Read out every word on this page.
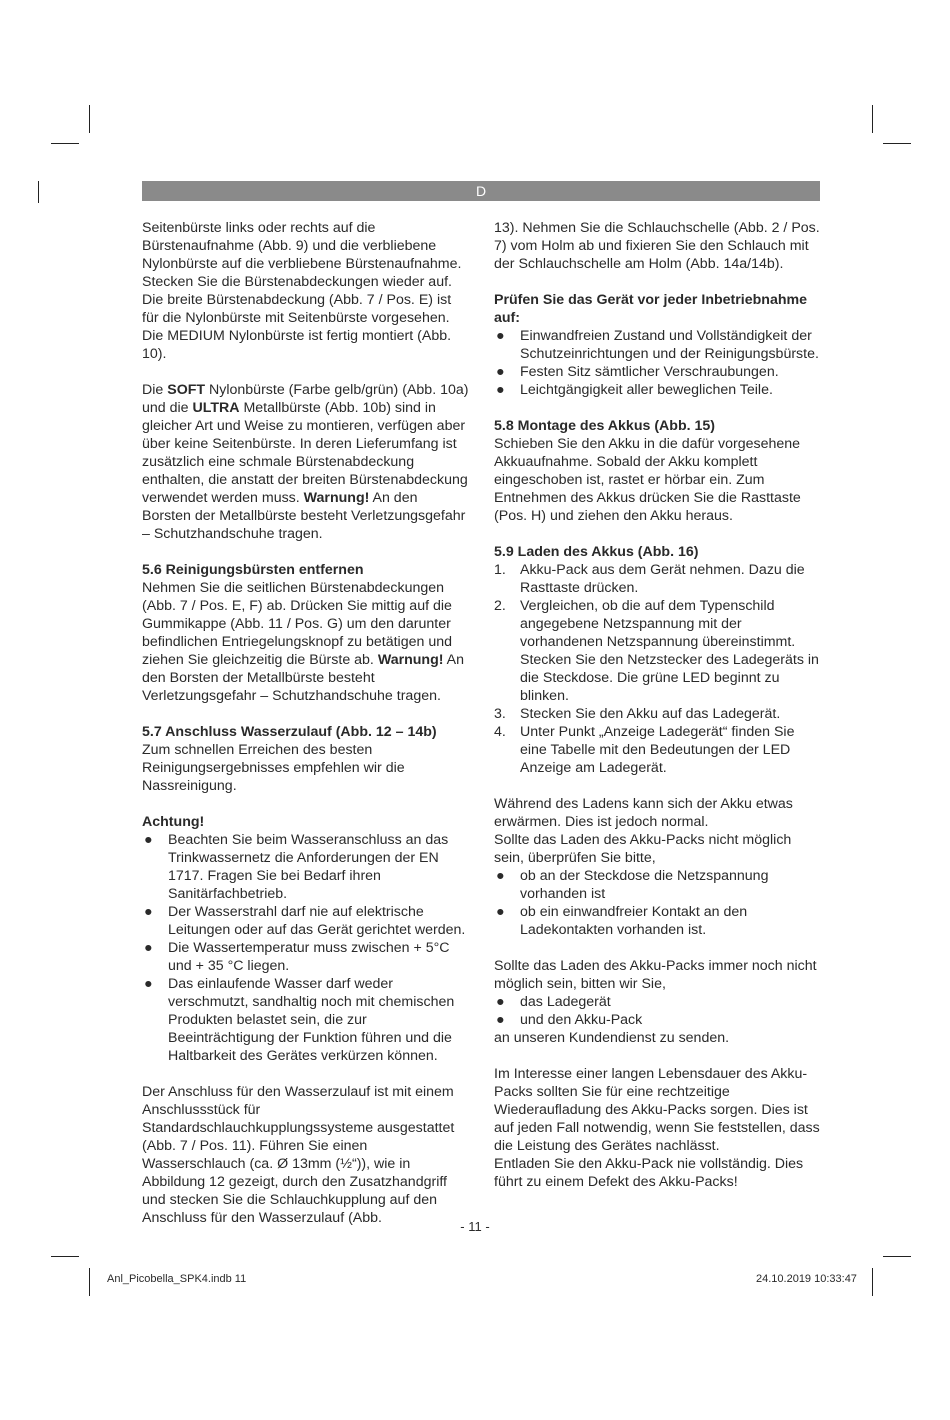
D

Seitenbürste links oder rechts auf die Bürstenaufnahme (Abb. 9) und die verbliebene Nylonbürste auf die verbliebene Bürstenaufnahme. Stecken Sie die Bürstenabdeckungen wieder auf. Die breite Bürstenabdeckung (Abb. 7 / Pos. E) ist für die Nylonbürste mit Seitenbürste vorgesehen. Die MEDIUM Nylonbürste ist fertig montiert (Abb. 10).

Die SOFT Nylonbürste (Farbe gelb/grün) (Abb. 10a) und die ULTRA Metallbürste (Abb. 10b) sind in gleicher Art und Weise zu montieren, verfügen aber über keine Seitenbürste. In deren Lieferumfang ist zusätzlich eine schmale Bürstenabdeckung enthalten, die anstatt der breiten Bürstenabdeckung verwendet werden muss. Warnung! An den Borsten der Metallbürste besteht Verletzungsgefahr – Schutzhandschuhe tragen.

5.6 Reinigungsbürsten entfernen

Nehmen Sie die seitlichen Bürstenabdeckungen (Abb. 7 / Pos. E, F) ab. Drücken Sie mittig auf die Gummikappe (Abb. 11 / Pos. G) um den darunter befindlichen Entriegelungsknopf zu betätigen und ziehen Sie gleichzeitig die Bürste ab. Warnung! An den Borsten der Metallbürste besteht Verletzungsgefahr – Schutzhandschuhe tragen.

5.7 Anschluss Wasserzulauf (Abb. 12 – 14b)

Zum schnellen Erreichen des besten Reinigungsergebnisses empfehlen wir die Nassreinigung.

Achtung!

● Beachten Sie beim Wasseranschluss an das Trinkwassernetz die Anforderungen der EN 1717. Fragen Sie bei Bedarf ihren Sanitärfachbetrieb.
● Der Wasserstrahl darf nie auf elektrische Leitungen oder auf das Gerät gerichtet werden.
● Die Wassertemperatur muss zwischen + 5°C und + 35 °C liegen.
● Das einlaufende Wasser darf weder verschmutzt, sandhaltig noch mit chemischen Produkten belastet sein, die zur Beeinträchtigung der Funktion führen und die Haltbarkeit des Gerätes verkürzen können.

Der Anschluss für den Wasserzulauf ist mit einem Anschlussstück für Standardschlauchkupplungssysteme ausgestattet (Abb. 7 / Pos. 11). Führen Sie einen Wasserschlauch (ca. Ø 13mm (½“)), wie in Abbildung 12 gezeigt, durch den Zusatzhandgriff und stecken Sie die Schlauchkupplung auf den Anschluss für den Wasserzulauf (Abb.

13). Nehmen Sie die Schlauchschelle (Abb. 2 / Pos. 7) vom Holm ab und fixieren Sie den Schlauch mit der Schlauchschelle am Holm (Abb. 14a/14b).

Prüfen Sie das Gerät vor jeder Inbetriebnahme auf:

● Einwandfreien Zustand und Vollständigkeit der Schutzeinrichtungen und der Reinigungsbürste.
● Festen Sitz sämtlicher Verschraubungen.
● Leichtgängigkeit aller beweglichen Teile.

5.8 Montage des Akkus (Abb. 15)

Schieben Sie den Akku in die dafür vorgesehene Akkuaufnahme. Sobald der Akku komplett eingeschoben ist, rastet er hörbar ein. Zum Entnehmen des Akkus drücken Sie die Rasttaste (Pos. H) und ziehen den Akku heraus.

5.9 Laden des Akkus (Abb. 16)

1. Akku-Pack aus dem Gerät nehmen. Dazu die Rasttaste drücken.
2. Vergleichen, ob die auf dem Typenschild angegebene Netzspannung mit der vorhandenen Netzspannung übereinstimmt. Stecken Sie den Netzstecker des Ladegeräts in die Steckdose. Die grüne LED beginnt zu blinken.
3. Stecken Sie den Akku auf das Ladegerät.
4. Unter Punkt „Anzeige Ladegerät“ finden Sie eine Tabelle mit den Bedeutungen der LED Anzeige am Ladegerät.

Während des Ladens kann sich der Akku etwas erwärmen. Dies ist jedoch normal.

Sollte das Laden des Akku-Packs nicht möglich sein, überprüfen Sie bitte,

● ob an der Steckdose die Netzspannung vorhanden ist
● ob ein einwandfreier Kontakt an den Ladekontakten vorhanden ist.

Sollte das Laden des Akku-Packs immer noch nicht möglich sein, bitten wir Sie,

● das Ladegerät
● und den Akku-Pack

an unseren Kundendienst zu senden.

Im Interesse einer langen Lebensdauer des Akku-Packs sollten Sie für eine rechtzeitige Wiederaufladung des Akku-Packs sorgen. Dies ist auf jeden Fall notwendig, wenn Sie feststellen, dass die Leistung des Gerätes nachlässt.

Entladen Sie den Akku-Pack nie vollständig. Dies führt zu einem Defekt des Akku-Packs!

- 11 -
Anl_Picobella_SPK4.indb 11	24.10.2019 10:33:47
